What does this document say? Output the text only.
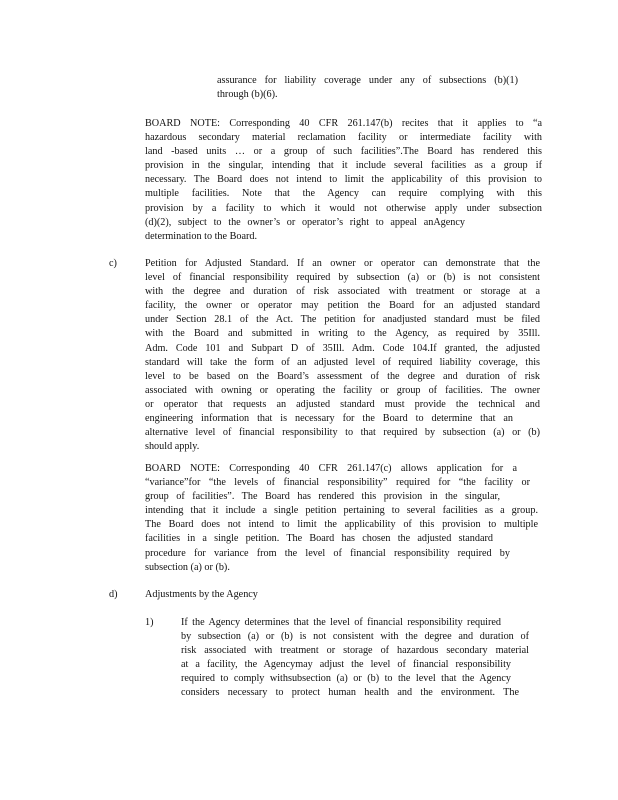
assurance for liability coverage under any of subsections (b)(1)
through (b)(6).
BOARD NOTE: Corresponding 40 CFR 261.147(b) recites that it applies to “a
hazardous secondary material reclamation facility or intermediate facility with
land -based units … or a group of such facilities”.The Board has rendered this
provision in the singular, intending that it include several facilities as a group if
necessary. The Board does not intend to limit the applicability of this provision to
multiple facilities. Note that the Agency can require complying with this
provision by a facility to which it would not otherwise apply under subsection
(d)(2), subject to the owner’s or operator’s right to appeal anAgency
determination to the Board.
c)	Petition for Adjusted Standard. If an owner or operator can demonstrate that the
level of financial responsibility required by subsection (a) or (b) is not consistent
with the degree and duration of risk associated with treatment or storage at a
facility, the owner or operator may petition the Board for an adjusted standard
under Section 28.1 of the Act. The petition for anadjusted standard must be filed
with the Board and submitted in writing to the Agency, as required by 35Ill.
Adm. Code 101 and Subpart D of 35Ill. Adm. Code 104.If granted, the adjusted
standard will take the form of an adjusted level of required liability coverage, this
level to be based on the Board’s assessment of the degree and duration of risk
associated with owning or operating the facility or group of facilities. The owner
or operator that requests an adjusted standard must provide the technical and
engineering information that is necessary for the Board to determine that an
alternative level of financial responsibility to that required by subsection (a) or (b)
should apply.
BOARD NOTE: Corresponding 40 CFR 261.147(c) allows application for a
“variance”for “the levels of financial responsibility” required for “the facility or
group of facilities”. The Board has rendered this provision in the singular,
intending that it include a single petition pertaining to several facilities as a group.
The Board does not intend to limit the applicability of this provision to multiple
facilities in a single petition. The Board has chosen the adjusted standard
procedure for variance from the level of financial responsibility required by
subsection (a) or (b).
d)	Adjustments by the Agency
1)	If the Agency determines that the level of financial responsibility required
by subsection (a) or (b) is not consistent with the degree and duration of
risk associated with treatment or storage of hazardous secondary material
at a facility, the Agencymay adjust the level of financial responsibility
required to comply withsubsection (a) or (b) to the level that the Agency
considers necessary to protect human health and the environment. The
